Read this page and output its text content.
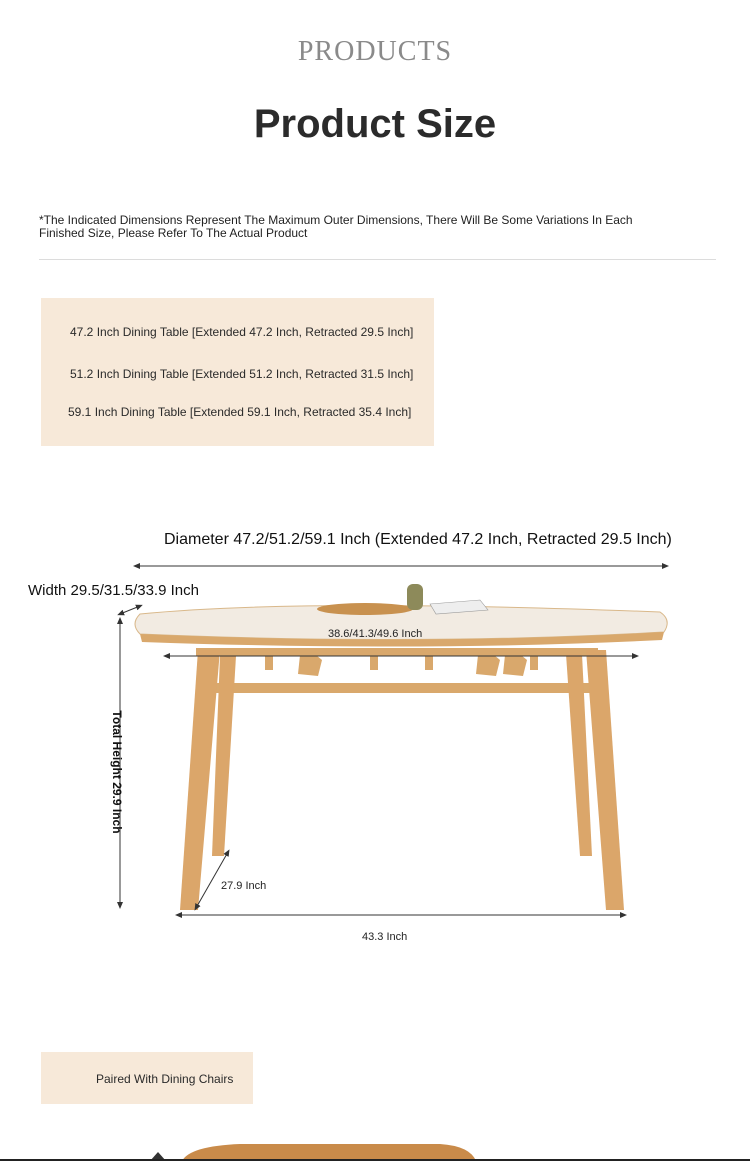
PRODUCTS
Product Size
*The Indicated Dimensions Represent The Maximum Outer Dimensions, There Will Be Some Variations In Each Finished Size, Please Refer To The Actual Product
47.2 Inch Dining Table [Extended 47.2 Inch, Retracted 29.5 Inch]
51.2 Inch Dining Table [Extended 51.2 Inch, Retracted 31.5 Inch]
59.1 Inch Dining Table [Extended 59.1 Inch, Retracted 35.4 Inch]
Diameter 47.2/51.2/59.1 Inch (Extended 47.2 Inch, Retracted 29.5 Inch)
Width 29.5/31.5/33.9 Inch
38.6/41.3/49.6 Inch
Total Height 29.9 Inch
27.9 Inch
43.3 Inch
Paired With Dining Chairs
